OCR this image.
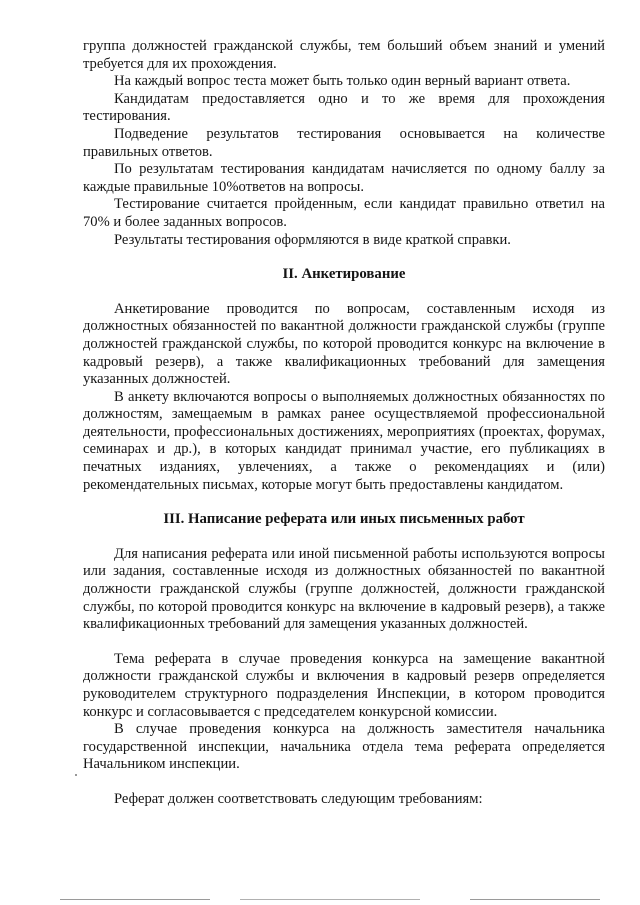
группа должностей гражданской службы, тем больший объем знаний и умений требуется для их прохождения.

На каждый вопрос теста может быть только один верный вариант ответа.

Кандидатам предоставляется одно и то же время для прохождения тестирования.

Подведение результатов тестирования основывается на количестве правильных ответов.

По результатам тестирования кандидатам начисляется по одному баллу за каждые правильные 10%ответов на вопросы.

Тестирование считается пройденным, если кандидат правильно ответил на 70% и более заданных вопросов.

Результаты тестирования оформляются в виде краткой справки.

II. Анкетирование

Анкетирование проводится по вопросам, составленным исходя из должностных обязанностей по вакантной должности гражданской службы (группе должностей гражданской службы, по которой проводится конкурс на включение в кадровый резерв), а также квалификационных требований для замещения указанных должностей.

В анкету включаются вопросы о выполняемых должностных обязанностях по должностям, замещаемым в рамках ранее осуществляемой профессиональной деятельности, профессиональных достижениях, мероприятиях (проектах, форумах, семинарах и др.), в которых кандидат принимал участие, его публикациях в печатных изданиях, увлечениях, а также о рекомендациях и (или) рекомендательных письмах, которые могут быть предоставлены кандидатом.

III. Написание реферата или иных письменных работ

Для написания реферата или иной письменной работы используются вопросы или задания, составленные исходя из должностных обязанностей по вакантной должности гражданской службы (группе должностей, должности гражданской службы, по которой проводится конкурс на включение в кадровый резерв), а также квалификационных требований для замещения указанных должностей.

Тема реферата в случае проведения конкурса на замещение вакантной должности гражданской службы и включения в кадровый резерв определяется руководителем структурного подразделения Инспекции, в котором проводится конкурс и согласовывается с председателем конкурсной комиссии.

В случае проведения конкурса на должность заместителя начальника государственной инспекции, начальника отдела тема реферата определяется Начальником инспекции.

Реферат должен соответствовать следующим требованиям:
